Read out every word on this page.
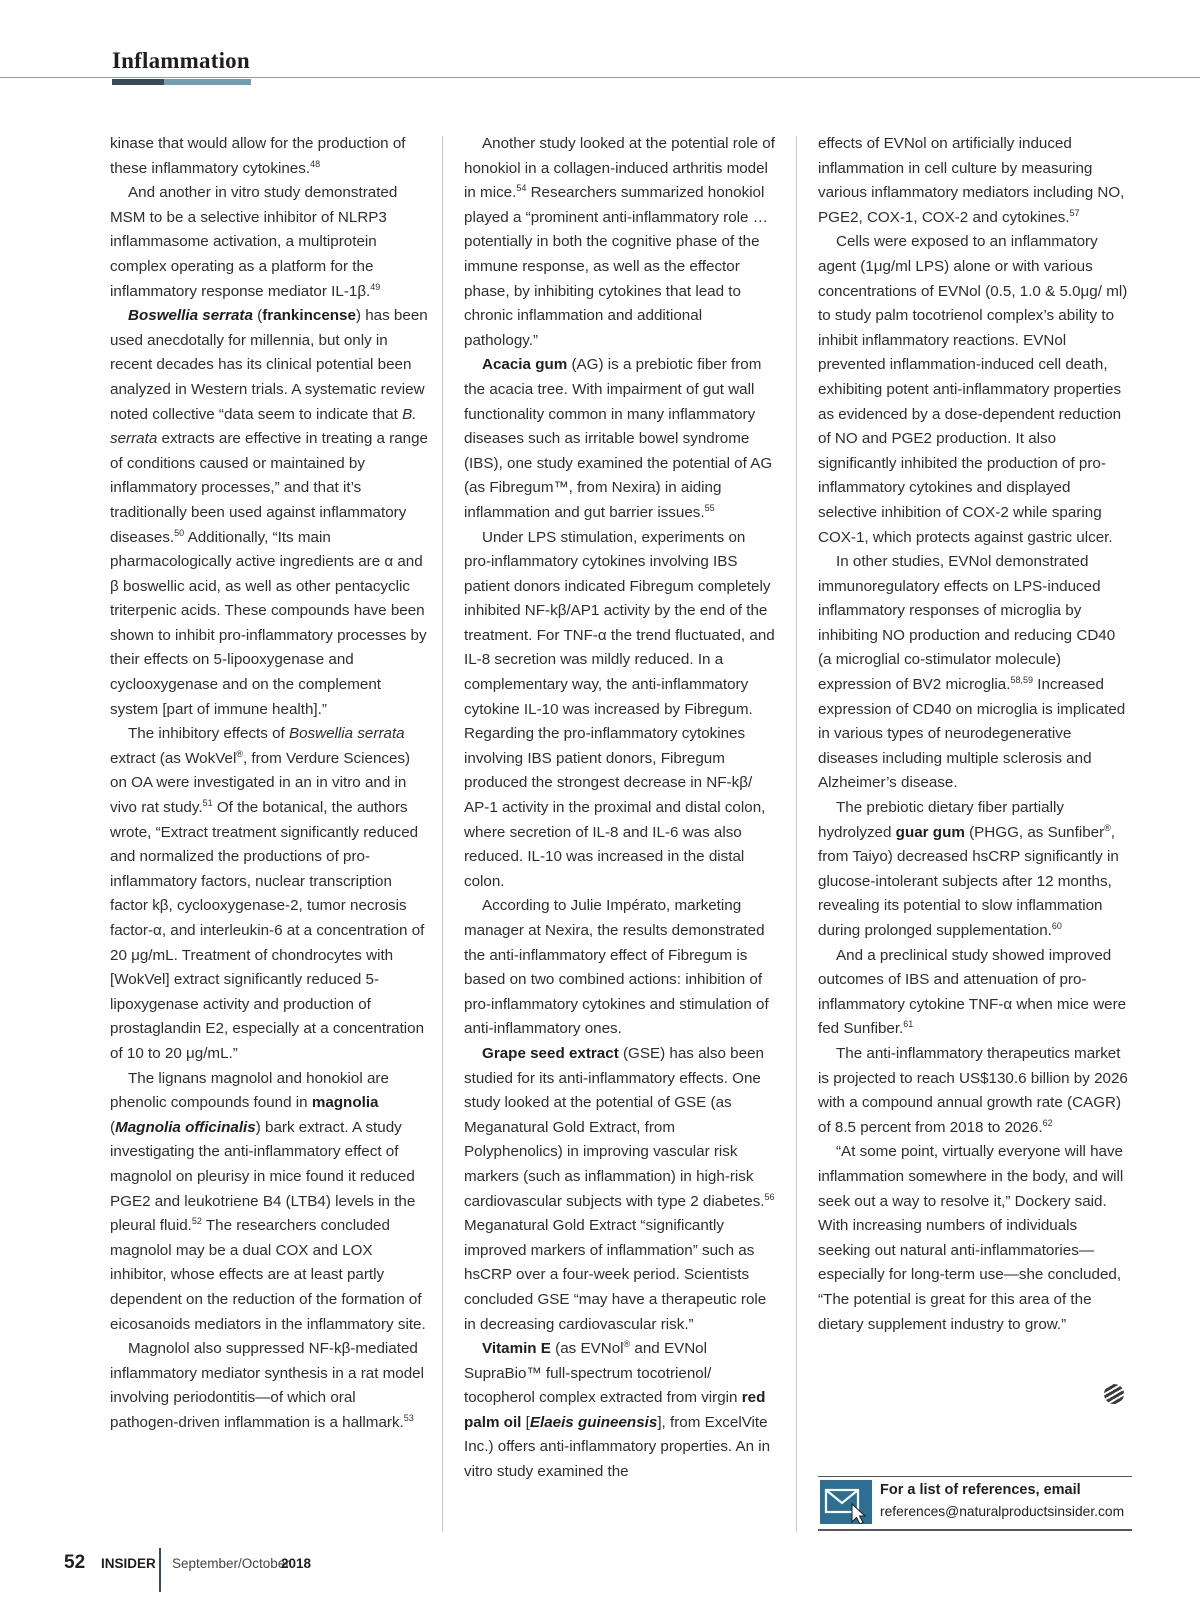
Inflammation

kinase that would allow for the production of these inflammatory cytokines.$^{48}$

And another in vitro study demonstrated MSM to be a selective inhibitor of NLRP3 inflammasome activation, a multiprotein complex operating as a platform for the inflammatory response mediator IL-1β.$^{49}$

Boswellia serrata (frankincense) has been used anecdotally for millennia, but only in recent decades has its clinical potential been analyzed in Western trials. A systematic review noted collective “data seem to indicate that B. serrata extracts are effective in treating a range of conditions caused or maintained by inflammatory processes,” and that it’s traditionally been used against inflammatory diseases.$^{50}$ Additionally, “Its main pharmacologically active ingredients are α and β boswellic acid, as well as other pentacyclic triterpenic acids. These compounds have been shown to inhibit pro-inflammatory processes by their effects on 5-lipooxygenase and cyclooxygenase and on the complement system [part of immune health].”

The inhibitory effects of Boswellia serrata extract (as WokVel®, from Verdure Sciences) on OA were investigated in an in vitro and in vivo rat study.$^{51}$ Of the botanical, the authors wrote, “Extract treatment significantly reduced and normalized the productions of pro-inflammatory factors, nuclear transcription factor kβ, cyclooxygenase-2, tumor necrosis factor-α, and interleukin-6 at a concentration of 20 μg/mL. Treatment of chondrocytes with [WokVel] extract significantly reduced 5-lipoxygenase activity and production of prostaglandin E2, especially at a concentration of 10 to 20 μg/mL.”

The lignans magnolol and honokiol are phenolic compounds found in magnolia (Magnolia officinalis) bark extract. A study investigating the anti-inflammatory effect of magnolol on pleurisy in mice found it reduced PGE2 and leukotriene B4 (LTB4) levels in the pleural fluid.$^{52}$ The researchers concluded magnolol may be a dual COX and LOX inhibitor, whose effects are at least partly dependent on the reduction of the formation of eicosanoids mediators in the inflammatory site.

Magnolol also suppressed NF-kβ-mediated inflammatory mediator synthesis in a rat model involving periodontitis—of which oral pathogen-driven inflammation is a hallmark.$^{53}$

Another study looked at the potential role of honokiol in a collagen-induced arthritis model in mice.$^{54}$ Researchers summarized honokiol played a “prominent anti-inflammatory role … potentially in both the cognitive phase of the immune response, as well as the effector phase, by inhibiting cytokines that lead to chronic inflammation and additional pathology.”

Acacia gum (AG) is a prebiotic fiber from the acacia tree. With impairment of gut wall functionality common in many inflammatory diseases such as irritable bowel syndrome (IBS), one study examined the potential of AG (as Fibregum™, from Nexira) in aiding inflammation and gut barrier issues.$^{55}$

Under LPS stimulation, experiments on pro-inflammatory cytokines involving IBS patient donors indicated Fibregum completely inhibited NF-kβ/AP1 activity by the end of the treatment. For TNF-α the trend fluctuated, and IL-8 secretion was mildly reduced. In a complementary way, the anti-inflammatory cytokine IL-10 was increased by Fibregum. Regarding the pro-inflammatory cytokines involving IBS patient donors, Fibregum produced the strongest decrease in NF-kβ/ AP-1 activity in the proximal and distal colon, where secretion of IL-8 and IL-6 was also reduced. IL-10 was increased in the distal colon.

According to Julie Impérato, marketing manager at Nexira, the results demonstrated the anti-inflammatory effect of Fibregum is based on two combined actions: inhibition of pro-inflammatory cytokines and stimulation of anti-inflammatory ones.

Grape seed extract (GSE) has also been studied for its anti-inflammatory effects. One study looked at the potential of GSE (as Meganatural Gold Extract, from Polyphenolics) in improving vascular risk markers (such as inflammation) in high-risk cardiovascular subjects with type 2 diabetes.$^{56}$ Meganatural Gold Extract “significantly improved markers of inflammation” such as hsCRP over a four-week period. Scientists concluded GSE “may have a therapeutic role in decreasing cardiovascular risk.”

Vitamin E (as EVNol® and EVNol SupraBio™ full-spectrum tocotrienol/ tocopherol complex extracted from virgin red palm oil [Elaeis guineensis], from ExcelVite Inc.) offers anti-inflammatory properties. An in vitro study examined the

effects of EVNol on artificially induced inflammation in cell culture by measuring various inflammatory mediators including NO, PGE2, COX-1, COX-2 and cytokines.$^{57}$

Cells were exposed to an inflammatory agent (1μg/ml LPS) alone or with various concentrations of EVNol (0.5, 1.0 & 5.0μg/ ml) to study palm tocotrienol complex’s ability to inhibit inflammatory reactions. EVNol prevented inflammation-induced cell death, exhibiting potent anti-inflammatory properties as evidenced by a dose-dependent reduction of NO and PGE2 production. It also significantly inhibited the production of pro-inflammatory cytokines and displayed selective inhibition of COX-2 while sparing COX-1, which protects against gastric ulcer.

In other studies, EVNol demonstrated immunoregulatory effects on LPS-induced inflammatory responses of microglia by inhibiting NO production and reducing CD40 (a microglial co-stimulator molecule) expression of BV2 microglia.$^{58,59}$ Increased expression of CD40 on microglia is implicated in various types of neurodegenerative diseases including multiple sclerosis and Alzheimer’s disease.

The prebiotic dietary fiber partially hydrolyzed guar gum (PHGG, as Sunfiber®, from Taiyo) decreased hsCRP significantly in glucose-intolerant subjects after 12 months, revealing its potential to slow inflammation during prolonged supplementation.$^{60}$

And a preclinical study showed improved outcomes of IBS and attenuation of pro-inflammatory cytokine TNF-α when mice were fed Sunfiber.$^{61}$

The anti-inflammatory therapeutics market is projected to reach US$130.6 billion by 2026 with a compound annual growth rate (CAGR) of 8.5 percent from 2018 to 2026.62

“At some point, virtually everyone will have inflammation somewhere in the body, and will seek out a way to resolve it,” Dockery said. With increasing numbers of individuals seeking out natural anti-inflammatories—especially for long-term use—she concluded, “The potential is great for this area of the dietary supplement industry to grow.”

For a list of references, email
references@naturalproductsinsider.com
52 INSIDER September/October
2018
